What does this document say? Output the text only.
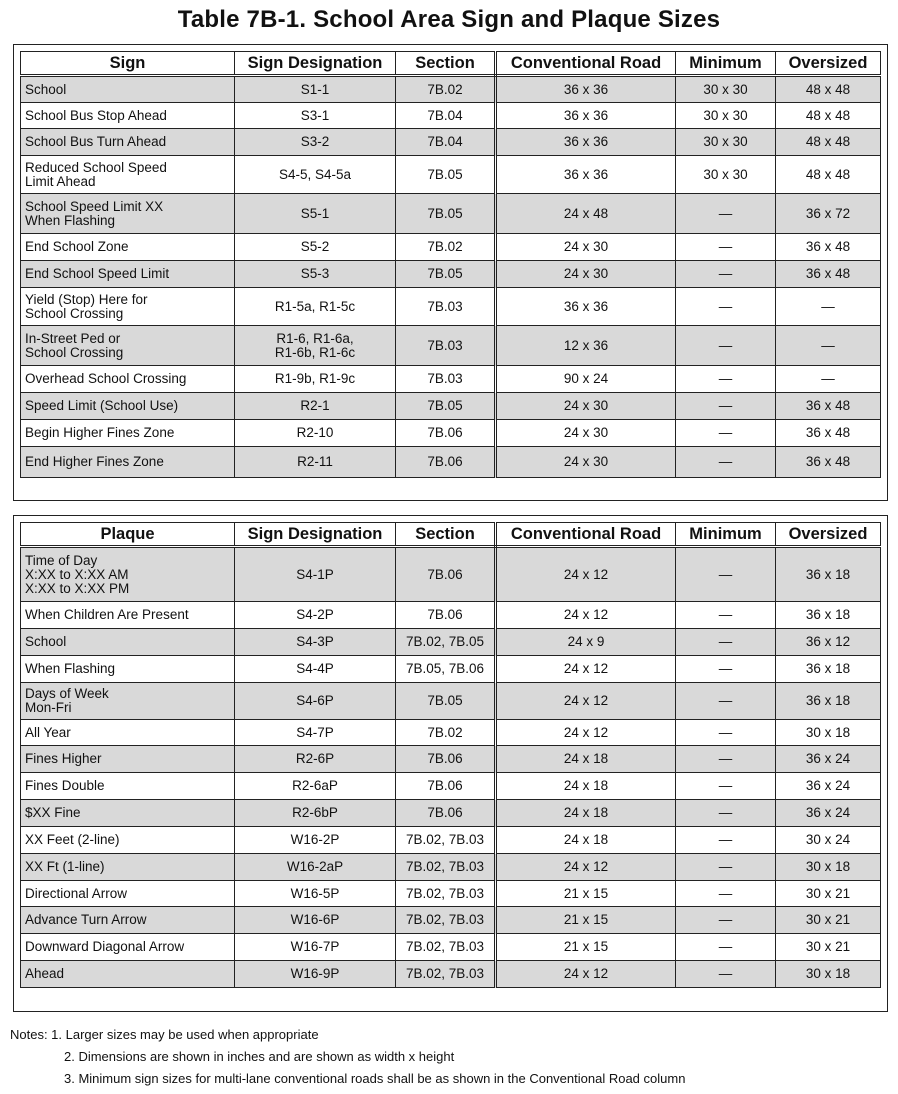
Table 7B-1. School Area Sign and Plaque Sizes
Sign	Sign Designation	Section	Conventional Road	Minimum	Oversized
School	S1-1	7B.02	36 x 36	30 x 30	48 x 48
School Bus Stop Ahead	S3-1	7B.04	36 x 36	30 x 30	48 x 48
School Bus Turn Ahead	S3-2	7B.04	36 x 36	30 x 30	48 x 48
Reduced School Speed
Limit Ahead	S4-5, S4-5a	7B.05	36 x 36	30 x 30	48 x 48
School Speed Limit XX
When Flashing	S5-1	7B.05	24 x 48	—	36 x 72
End School Zone	S5-2	7B.02	24 x 30	—	36 x 48
End School Speed Limit	S5-3	7B.05	24 x 30	—	36 x 48
Yield (Stop) Here for
School Crossing	R1-5a, R1-5c	7B.03	36 x 36	—	—
In-Street Ped or
School Crossing	R1-6, R1-6a,
R1-6b, R1-6c	7B.03	12 x 36	—	—
Overhead School Crossing	R1-9b, R1-9c	7B.03	90 x 24	—	—
Speed Limit (School Use)	R2-1	7B.05	24 x 30	—	36 x 48
Begin Higher Fines Zone	R2-10	7B.06	24 x 30	—	36 x 48
End Higher Fines Zone	R2-11	7B.06	24 x 30	—	36 x 48
Plaque	Sign Designation	Section	Conventional Road	Minimum	Oversized
Time of Day
X:XX to X:XX AM
X:XX to X:XX PM	S4-1P	7B.06	24 x 12	—	36 x 18
When Children Are Present	S4-2P	7B.06	24 x 12	—	36 x 18
School	S4-3P	7B.02, 7B.05	24 x 9	—	36 x 12
When Flashing	S4-4P	7B.05, 7B.06	24 x 12	—	36 x 18
Days of Week
Mon-Fri	S4-6P	7B.05	24 x 12	—	36 x 18
All Year	S4-7P	7B.02	24 x 12	—	30 x 18
Fines Higher	R2-6P	7B.06	24 x 18	—	36 x 24
Fines Double	R2-6aP	7B.06	24 x 18	—	36 x 24
$XX Fine	R2-6bP	7B.06	24 x 18	—	36 x 24
XX Feet (2-line)	W16-2P	7B.02, 7B.03	24 x 18	—	30 x 24
XX Ft (1-line)	W16-2aP	7B.02, 7B.03	24 x 12	—	30 x 18
Directional Arrow	W16-5P	7B.02, 7B.03	21 x 15	—	30 x 21
Advance Turn Arrow	W16-6P	7B.02, 7B.03	21 x 15	—	30 x 21
Downward Diagonal Arrow	W16-7P	7B.02, 7B.03	21 x 15	—	30 x 21
Ahead	W16-9P	7B.02, 7B.03	24 x 12	—	30 x 18
Notes: 1. Larger sizes may be used when appropriate
2. Dimensions are shown in inches and are shown as width x height
3. Minimum sign sizes for multi-lane conventional roads shall be as shown in the Conventional Road column
